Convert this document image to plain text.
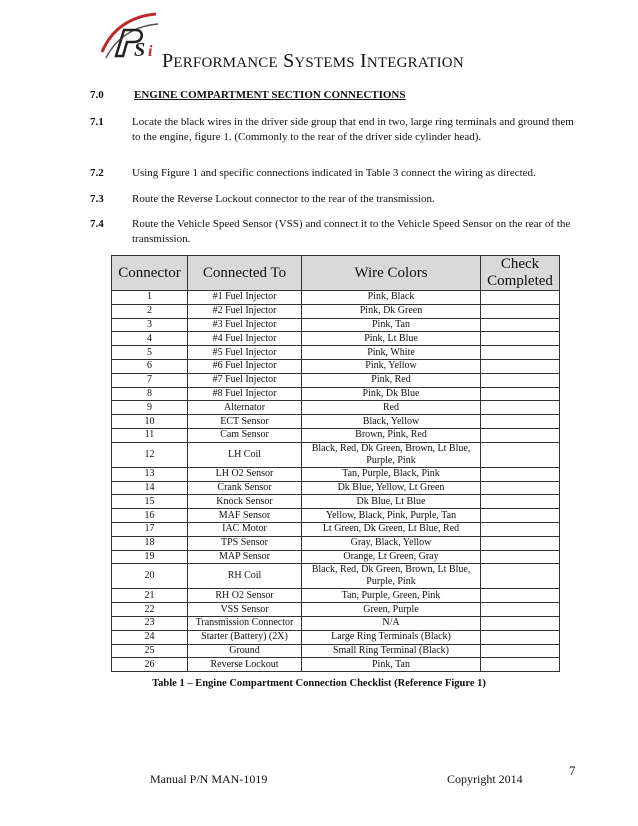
S i PERFORMANCE SYSTEMS INTEGRATION
7.0	ENGINE COMPARTMENT SECTION CONNECTIONS
7.1	Locate the black wires in the driver side group that end in two, large ring terminals and ground them to the engine, figure 1. (Commonly to the rear of the driver side cylinder head).
7.2	Using Figure 1 and specific connections indicated in Table 3 connect the wiring as directed.
7.3	Route the Reverse Lockout connector to the rear of the transmission.
7.4	Route the Vehicle Speed Sensor (VSS) and connect it to the Vehicle Speed Sensor on the rear of the transmission.
Connector	Connected To	Wire Colors	Check Completed
1	#1 Fuel Injector	Pink, Black	
2	#2 Fuel Injector	Pink, Dk Green	
3	#3 Fuel Injector	Pink, Tan	
4	#4 Fuel Injector	Pink, Lt Blue	
5	#5 Fuel Injector	Pink, White	
6	#6 Fuel Injector	Pink, Yellow	
7	#7 Fuel Injector	Pink, Red	
8	#8 Fuel Injector	Pink, Dk Blue	
9	Alternator	Red	
10	ECT Sensor	Black, Yellow	
11	Cam Sensor	Brown, Pink, Red	
12	LH Coil	Black, Red, Dk Green, Brown, Lt Blue, Purple, Pink	
13	LH O2 Sensor	Tan, Purple, Black, Pink	
14	Crank Sensor	Dk Blue, Yellow, Lt Green	
15	Knock Sensor	Dk Blue, Lt Blue	
16	MAF Sensor	Yellow, Black, Pink, Purple, Tan	
17	IAC Motor	Lt Green, Dk Green, Lt Blue, Red	
18	TPS Sensor	Gray, Black, Yellow	
19	MAP Sensor	Orange, Lt Green, Gray	
20	RH Coil	Black, Red, Dk Green, Brown, Lt Blue, Purple, Pink	
21	RH O2 Sensor	Tan, Purple, Green, Pink	
22	VSS Sensor	Green, Purple	
23	Transmission Connector	N/A	
24	Starter (Battery) (2X)	Large Ring Terminals (Black)	
25	Ground	Small Ring Terminal (Black)	
26	Reverse Lockout	Pink, Tan	
Table 1 – Engine Compartment Connection Checklist (Reference Figure 1)
7
Manual P/N MAN-1019	Copyright 2014
